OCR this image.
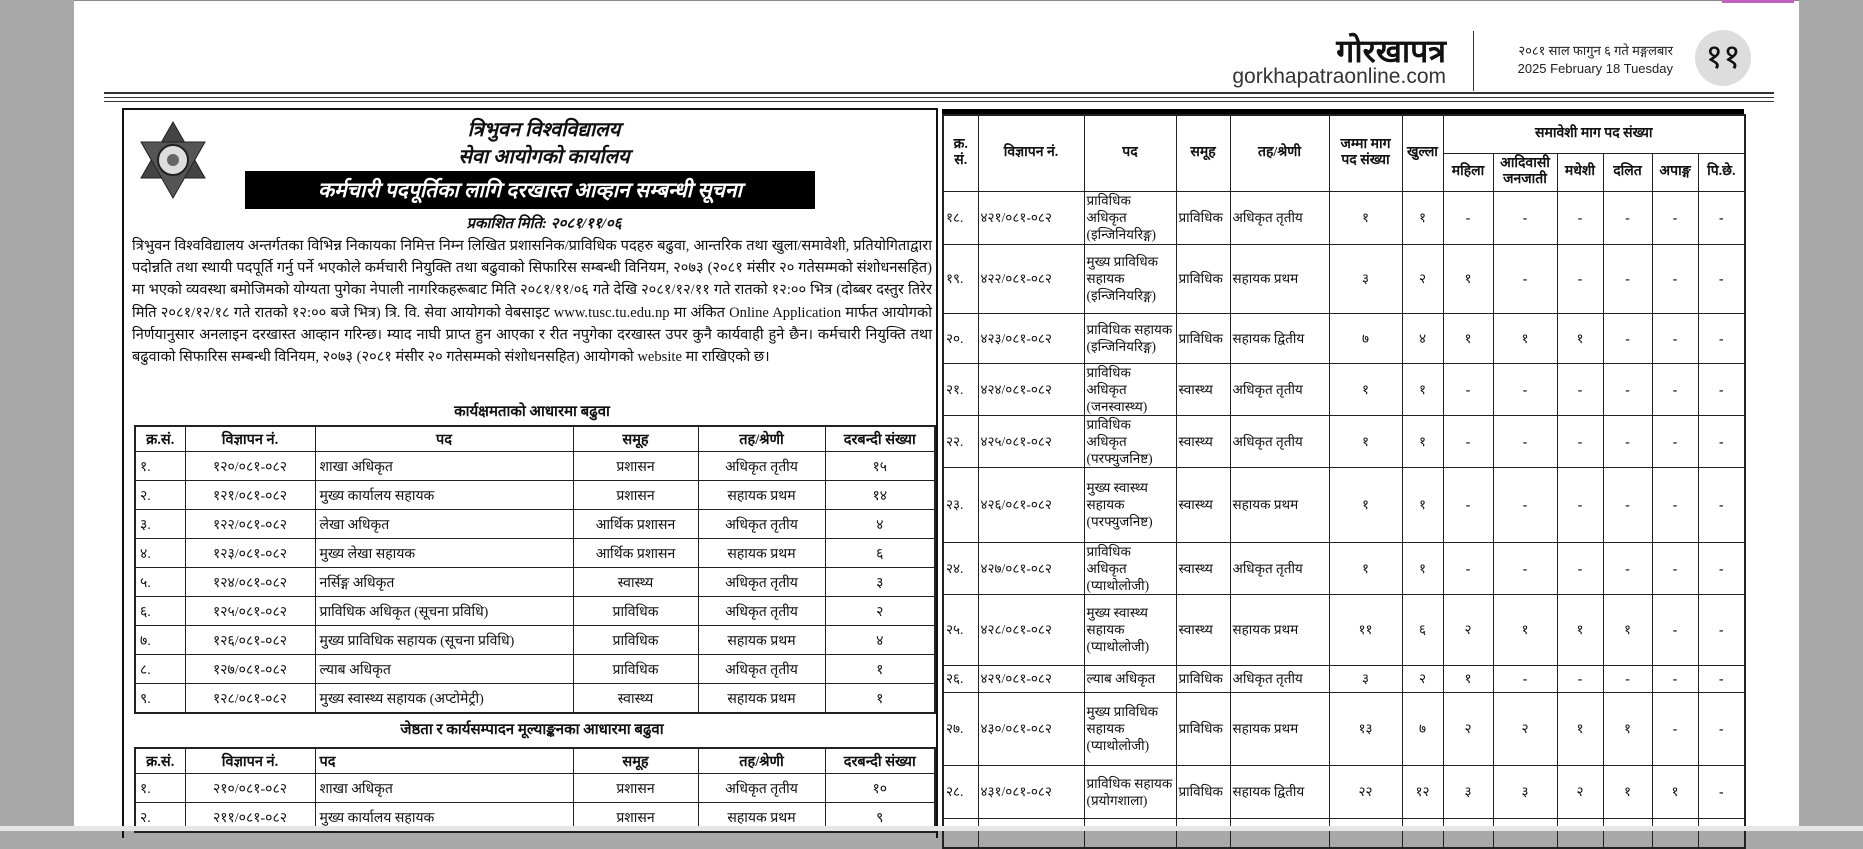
गोरखापत्र
gorkhapatraonline.com
२०८१ साल फागुन ६ गते मङ्गलबार
2025 February 18 Tuesday ११
त्रिभुवन विश्वविद्यालय
सेवा आयोगको कार्यालय
कर्मचारी पदपूर्तिका लागि दरखास्त आव्हान सम्बन्धी सूचना
प्रकाशित मिति: २०८१/११/०६
त्रिभुवन विश्वविद्यालय अन्तर्गतका विभिन्न निकायका निमित्त निम्न लिखित प्रशासनिक/प्राविधिक पदहरु बढुवा, आन्तरिक तथा खुला/समावेशी, प्रतियोगिताद्वारा पदोन्नति तथा स्थायी पदपूर्ति गर्नु पर्ने भएकोले कर्मचारी नियुक्ति तथा बढुवाको सिफारिस सम्बन्धी विनियम, २०७३ (२०८१ मंसीर २० गतेसम्मको संशोधनसहित) मा भएको व्यवस्था बमोजिमको योग्यता पुगेका नेपाली नागरिकहरूबाट मिति २०८१/११/०६ गते देखि २०८१/१२/११ गते रातको १२:०० भित्र (दोब्बर दस्तुर तिरेर मिति २०८१/१२/१८ गते रातको १२:०० बजे भित्र) त्रि. वि. सेवा आयोगको वेबसाइट www.tusc.tu.edu.np मा अंकित Online Application मार्फत आयोगको निर्णयानुसार अनलाइन दरखास्त आव्हान गरिन्छ। म्याद नाघी प्राप्त हुन आएका र रीत नपुगेका दरखास्त उपर कुनै कार्यवाही हुने छैन। कर्मचारी नियुक्ति तथा बढुवाको सिफारिस सम्बन्धी विनियम, २०७३ (२०८१ मंसीर २० गतेसम्मको संशोधनसहित) आयोगको website मा राखिएको छ।
कार्यक्षमताको आधारमा बढुवा
क्र.सं.	विज्ञापन नं.	पद	समूह	तह/श्रेणी	दरबन्दी संख्या
१.	१२०/०८१-०८२	शाखा अधिकृत	प्रशासन	अधिकृत तृतीय	१५
२.	१२१/०८१-०८२	मुख्य कार्यालय सहायक	प्रशासन	सहायक प्रथम	१४
३.	१२२/०८१-०८२	लेखा अधिकृत	आर्थिक प्रशासन	अधिकृत तृतीय	४
४.	१२३/०८१-०८२	मुख्य लेखा सहायक	आर्थिक प्रशासन	सहायक प्रथम	६
५.	१२४/०८१-०८२	नर्सिङ्ग अधिकृत	स्वास्थ्य	अधिकृत तृतीय	३
६.	१२५/०८१-०८२	प्राविधिक अधिकृत (सूचना प्रविधि)	प्राविधिक	अधिकृत तृतीय	२
७.	१२६/०८१-०८२	मुख्य प्राविधिक सहायक (सूचना प्रविधि)	प्राविधिक	सहायक प्रथम	४
८.	१२७/०८१-०८२	ल्याब अधिकृत	प्राविधिक	अधिकृत तृतीय	१
९.	१२८/०८१-०८२	मुख्य स्वास्थ्य सहायक (अप्टोमेट्री)	स्वास्थ्य	सहायक प्रथम	१
जेष्ठता र कार्यसम्पादन मूल्याङ्कनका आधारमा बढुवा
क्र.सं.	विज्ञापन नं.	पद	समूह	तह/श्रेणी	दरबन्दी संख्या
१.	२१०/०८१-०८२	शाखा अधिकृत	प्रशासन	अधिकृत तृतीय	१०
२.	२११/०८१-०८२	मुख्य कार्यालय सहायक	प्रशासन	सहायक प्रथम	९
क्र. सं.	विज्ञापन नं.	पद	समूह	तह/श्रेणी	जम्मा माग पद संख्या	खुल्ला	समावेशी माग पद संख्या					
							महिला	आदिवासी जनजाती	मधेशी	दलित	अपाङ्ग	पि.छे.
१८.	४२१/०८१-०८२	प्राविधिक अधिकृत
(इन्जिनियरिङ्ग)	प्राविधिक	अधिकृत तृतीय	१	१	-	-	-	-	-	-
१९.	४२२/०८१-०८२	मुख्य प्राविधिक
सहायक
(इन्जिनियरिङ्ग)	प्राविधिक	सहायक प्रथम	३	२	१	-	-	-	-	-
२०.	४२३/०८१-०८२	प्राविधिक सहायक
(इन्जिनियरिङ्ग)	प्राविधिक	सहायक द्वितीय	७	४	१	१	१	-	-	-
२१.	४२४/०८१-०८२	प्राविधिक अधिकृत
(जनस्वास्थ्य)	स्वास्थ्य	अधिकृत तृतीय	१	१	-	-	-	-	-	-
२२.	४२५/०८१-०८२	प्राविधिक अधिकृत
(परफ्युजनिष्ट)	स्वास्थ्य	अधिकृत तृतीय	१	१	-	-	-	-	-	-
२३.	४२६/०८१-०८२	मुख्य स्वास्थ्य
सहायक
(परफ्युजनिष्ट)	स्वास्थ्य	सहायक प्रथम	१	१	-	-	-	-	-	-
२४.	४२७/०८१-०८२	प्राविधिक अधिकृत
(प्याथोलोजी)	स्वास्थ्य	अधिकृत तृतीय	१	१	-	-	-	-	-	-
२५.	४२८/०८१-०८२	मुख्य स्वास्थ्य
सहायक
(प्याथोलोजी)	स्वास्थ्य	सहायक प्रथम	११	६	२	१	१	१	-	-
२६.	४२९/०८१-०८२	ल्याब अधिकृत	प्राविधिक	अधिकृत तृतीय	३	२	१	-	-	-	-	-
२७.	४३०/०८१-०८२	मुख्य प्राविधिक
सहायक
(प्याथोलोजी)	प्राविधिक	सहायक प्रथम	१३	७	२	२	१	१	-	-
२८.	४३१/०८१-०८२	प्राविधिक सहायक
(प्रयोगशाला)	प्राविधिक	सहायक द्वितीय	२२	१२	३	३	२	१	१	-
